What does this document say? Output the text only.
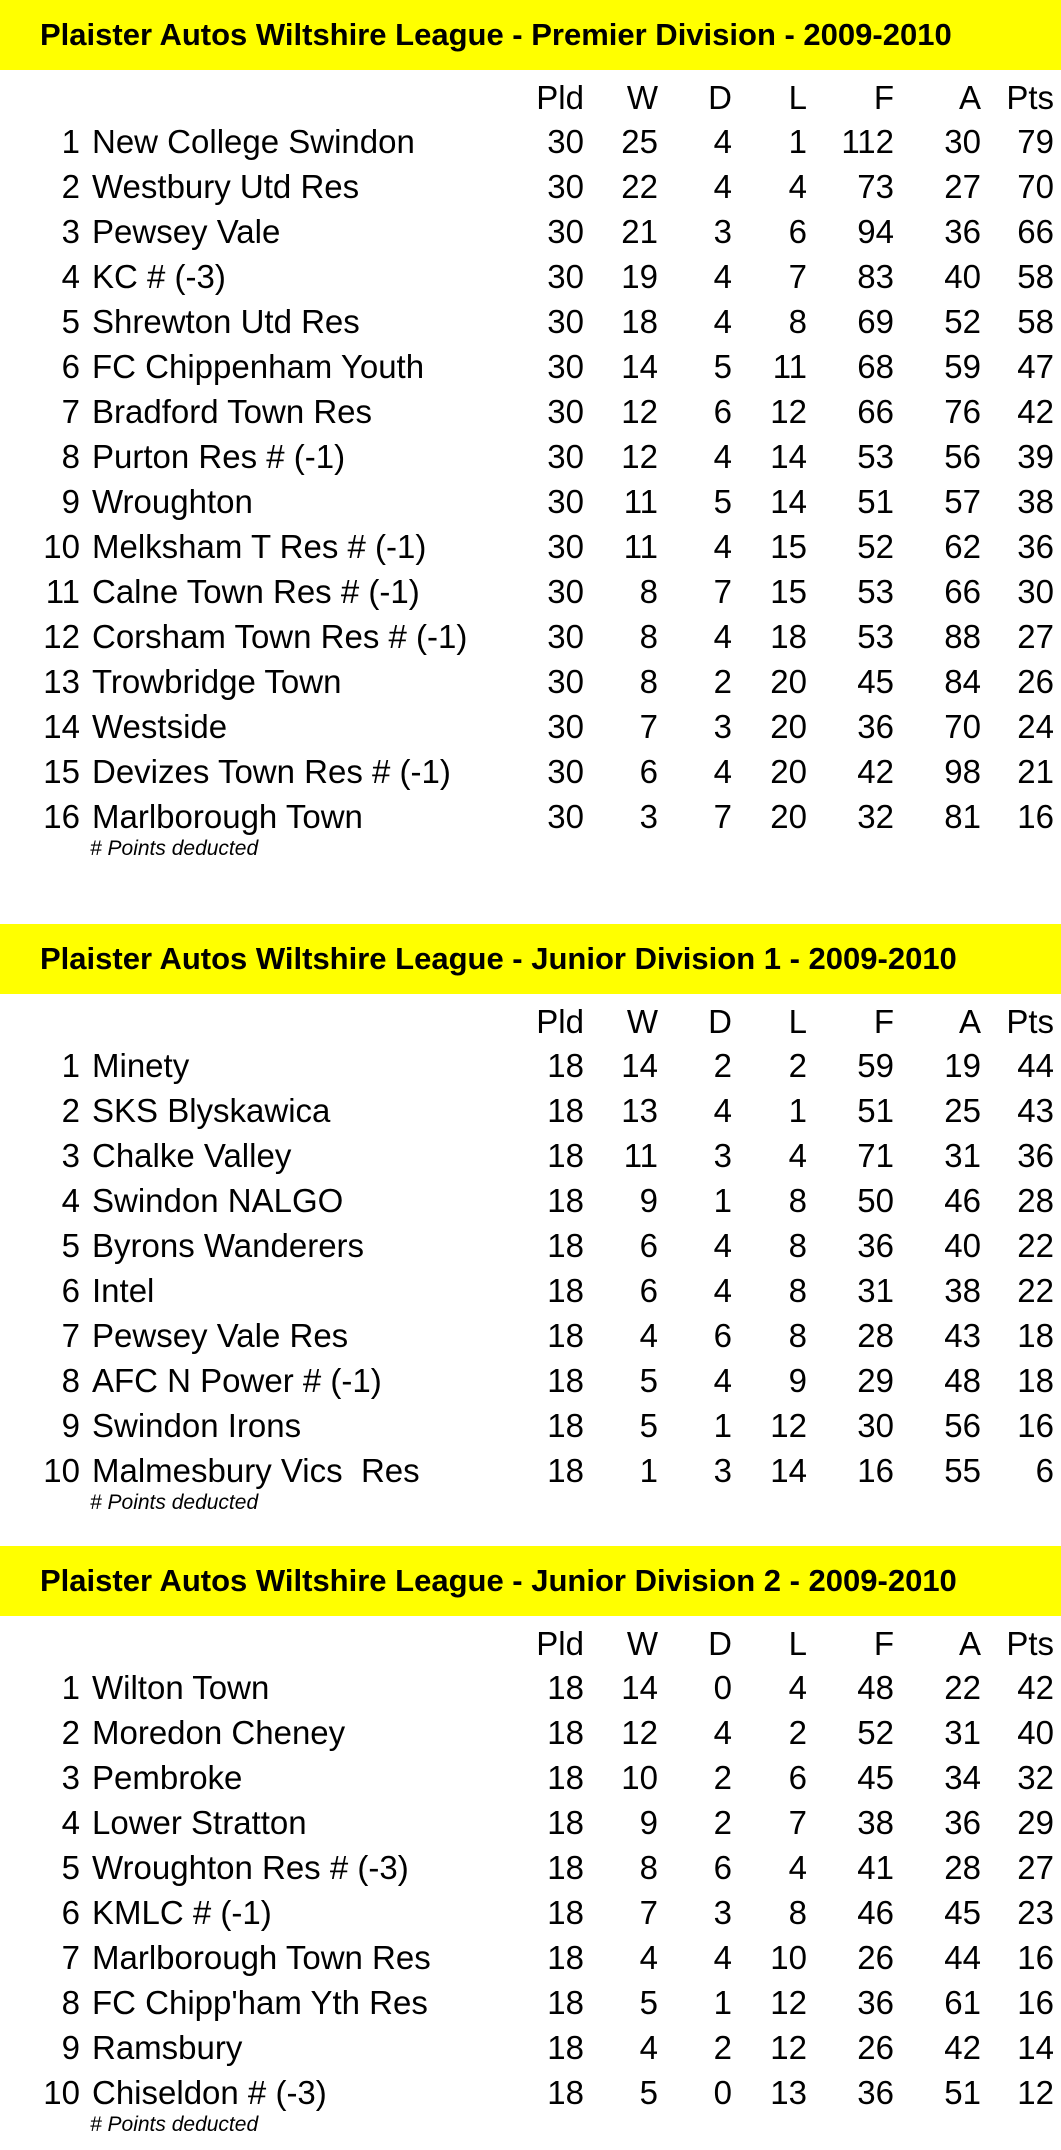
Plaister Autos Wiltshire League - Premier Division - 2009-2010
Pld	W	D	L	F	A Pts
1 New College Swindon	30	25	4	1	112	30	79
2 Westbury Utd Res	30	22	4	4	73	27	70
3 Pewsey Vale	30	21	3	6	94	36	66
4 KC # (-3)	30	19	4	7	83	40	58
5 Shrewton Utd Res	30	18	4	8	69	52	58
6 FC Chippenham Youth	30	14	5	11	68	59	47
7 Bradford Town Res	30	12	6	12	66	76	42
8 Purton Res # (-1)	30	12	4	14	53	56	39
9 Wroughton	30	11	5	14	51	57	38
10 Melksham T Res # (-1)	30	11	4	15	52	62	36
11 Calne Town Res # (-1)	30	8	7	15	53	66	30
12 Corsham Town Res # (-1)	30	8	4	18	53	88	27
13 Trowbridge Town	30	8	2	20	45	84	26
14 Westside	30	7	3	20	36	70	24
15 Devizes Town Res # (-1)	30	6	4	20	42	98	21
16 Marlborough Town	30	3	7	20	32	81	16
# Points deducted
Plaister Autos Wiltshire League - Junior Division 1 - 2009-2010
Pld	W	D	L	F	A Pts
1 Minety	18	14	2	2	59	19	44
2 SKS Blyskawica	18	13	4	1	51	25	43
3 Chalke Valley	18	11	3	4	71	31	36
4 Swindon NALGO	18	9	1	8	50	46	28
5 Byrons Wanderers	18	6	4	8	36	40	22
6 Intel	18	6	4	8	31	38	22
7 Pewsey Vale Res	18	4	6	8	28	43	18
8 AFC N Power # (-1)	18	5	4	9	29	48	18
9 Swindon Irons	18	5	1	12	30	56	16
10 Malmesbury Vics  Res	18	1	3	14	16	55	6
# Points deducted
Plaister Autos Wiltshire League - Junior Division 2 - 2009-2010
Pld	W	D	L	F	A Pts
1 Wilton Town	18	14	0	4	48	22	42
2 Moredon Cheney	18	12	4	2	52	31	40
3 Pembroke	18	10	2	6	45	34	32
4 Lower Stratton	18	9	2	7	38	36	29
5 Wroughton Res # (-3)	18	8	6	4	41	28	27
6 KMLC # (-1)	18	7	3	8	46	45	23
7 Marlborough Town Res	18	4	4	10	26	44	16
8 FC Chipp'ham Yth Res	18	5	1	12	36	61	16
9 Ramsbury	18	4	2	12	26	42	14
10 Chiseldon # (-3)	18	5	0	13	36	51	12
# Points deducted
